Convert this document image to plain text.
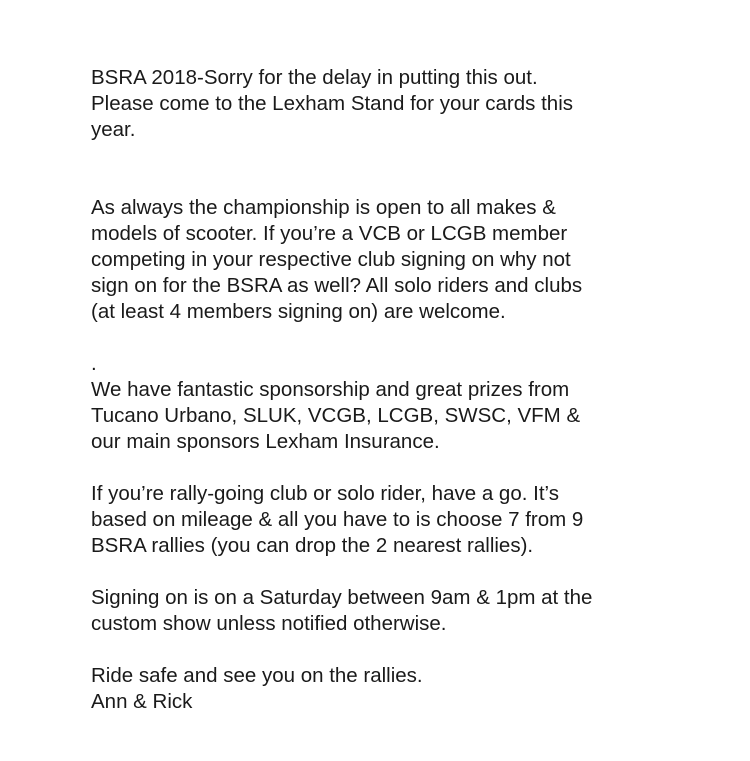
BSRA 2018-Sorry for the delay in putting this out.
Please come to the Lexham Stand for your cards this
year.
As always the championship is open to all makes &
models of scooter. If you’re a VCB or LCGB member
competing in your respective club signing on why not
sign on for the BSRA as well? All solo riders and clubs
(at least 4 members signing on) are welcome.
.
We have fantastic sponsorship and great prizes from
Tucano Urbano, SLUK, VCGB, LCGB, SWSC, VFM &
our main sponsors Lexham Insurance.
If you’re rally-going club or solo rider, have a go. It’s
based on mileage & all you have to is choose 7 from 9
BSRA rallies (you can drop the 2 nearest rallies).
Signing on is on a Saturday between 9am & 1pm at the
custom show unless notified otherwise.
Ride safe and see you on the rallies.
Ann & Rick
